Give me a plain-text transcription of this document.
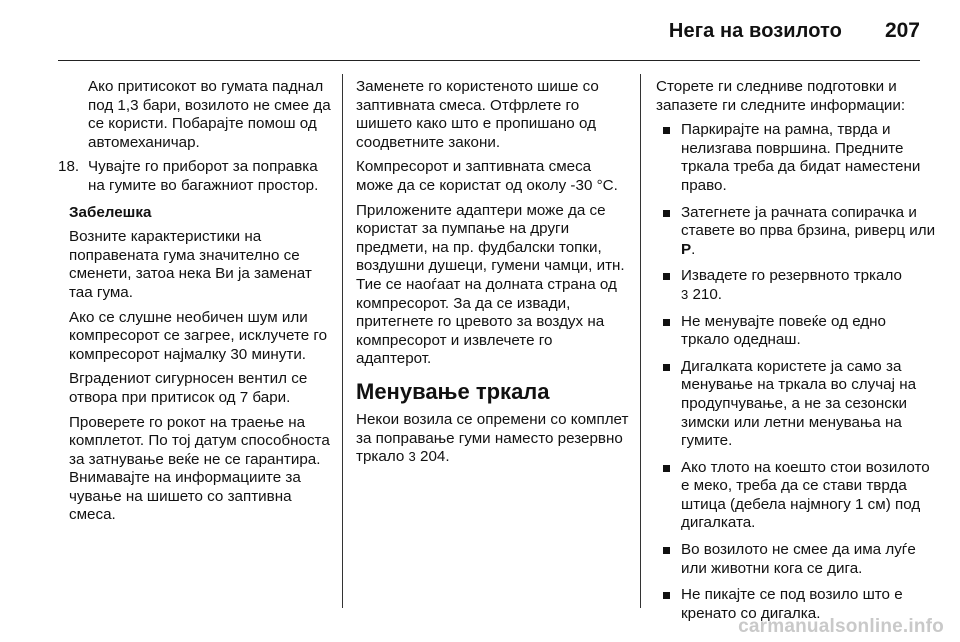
Нега на возилото 207

Ако притисокот во гумата паднал под 1,3 бари, возилото не смее да се користи. Побарајте помош од автомеханичар.

18. Чувајте го приборот за поправка на гумите во багажниот простор.

Забелешка

Возните карактеристики на поправената гума значително се сменети, затоа нека Ви ја заменат таа гума.

Ако се слушне необичен шум или компресорот се загрее, исклучете го компресорот најмалку 30 минути.

Вградениот сигурносен вентил се отвора при притисок од 7 бари.

Проверете го рокот на траење на комплетот. По тој датум способноста за затнување веќе не се гарантира. Внимавајте на информациите за чување на шишето со заптивна смеса.

Заменете го користеното шише со заптивната смеса. Отфрлете го шишето како што е пропишано од соодветните закони.

Компресорот и заптивната смеса може да се користат од околу -30 °C.

Приложените адаптери може да се користат за пумпање на други предмети, на пр. фудбалски топки, воздушни душеци, гумени чамци, итн. Тие се наоѓаат на долната страна од компресорот. За да се извади, притегнете го цревото за воздух на компресорот и извлечете го адаптерот.

Менување тркала

Некои возила се опремени со комплет за поправање гуми наместо резервно тркало 3 204.

Сторете ги следниве подготовки и запазете ги следните информации:

Паркирајте на рамна, тврда и нелизгава површина. Предните тркала треба да бидат наместени право.
Затегнете ја рачната сопирачка и ставете во прва брзина, риверц или P.
Извадете го резервното тркало
3 210.
Не менувајте повеќе од едно тркало одеднаш.
Дигалката користете ја само за менување на тркала во случај на продупчување, а не за сезонски зимски или летни менувања на гумите.
Ако тлото на коешто стои возилото е меко, треба да се стави тврда штица (дебела најмногу 1 см) под дигалката.
Во возилото не смее да има луѓе или животни кога се дига.
Не пикајте се под возило што е кренато со дигалка.
carmanualsonline.info
